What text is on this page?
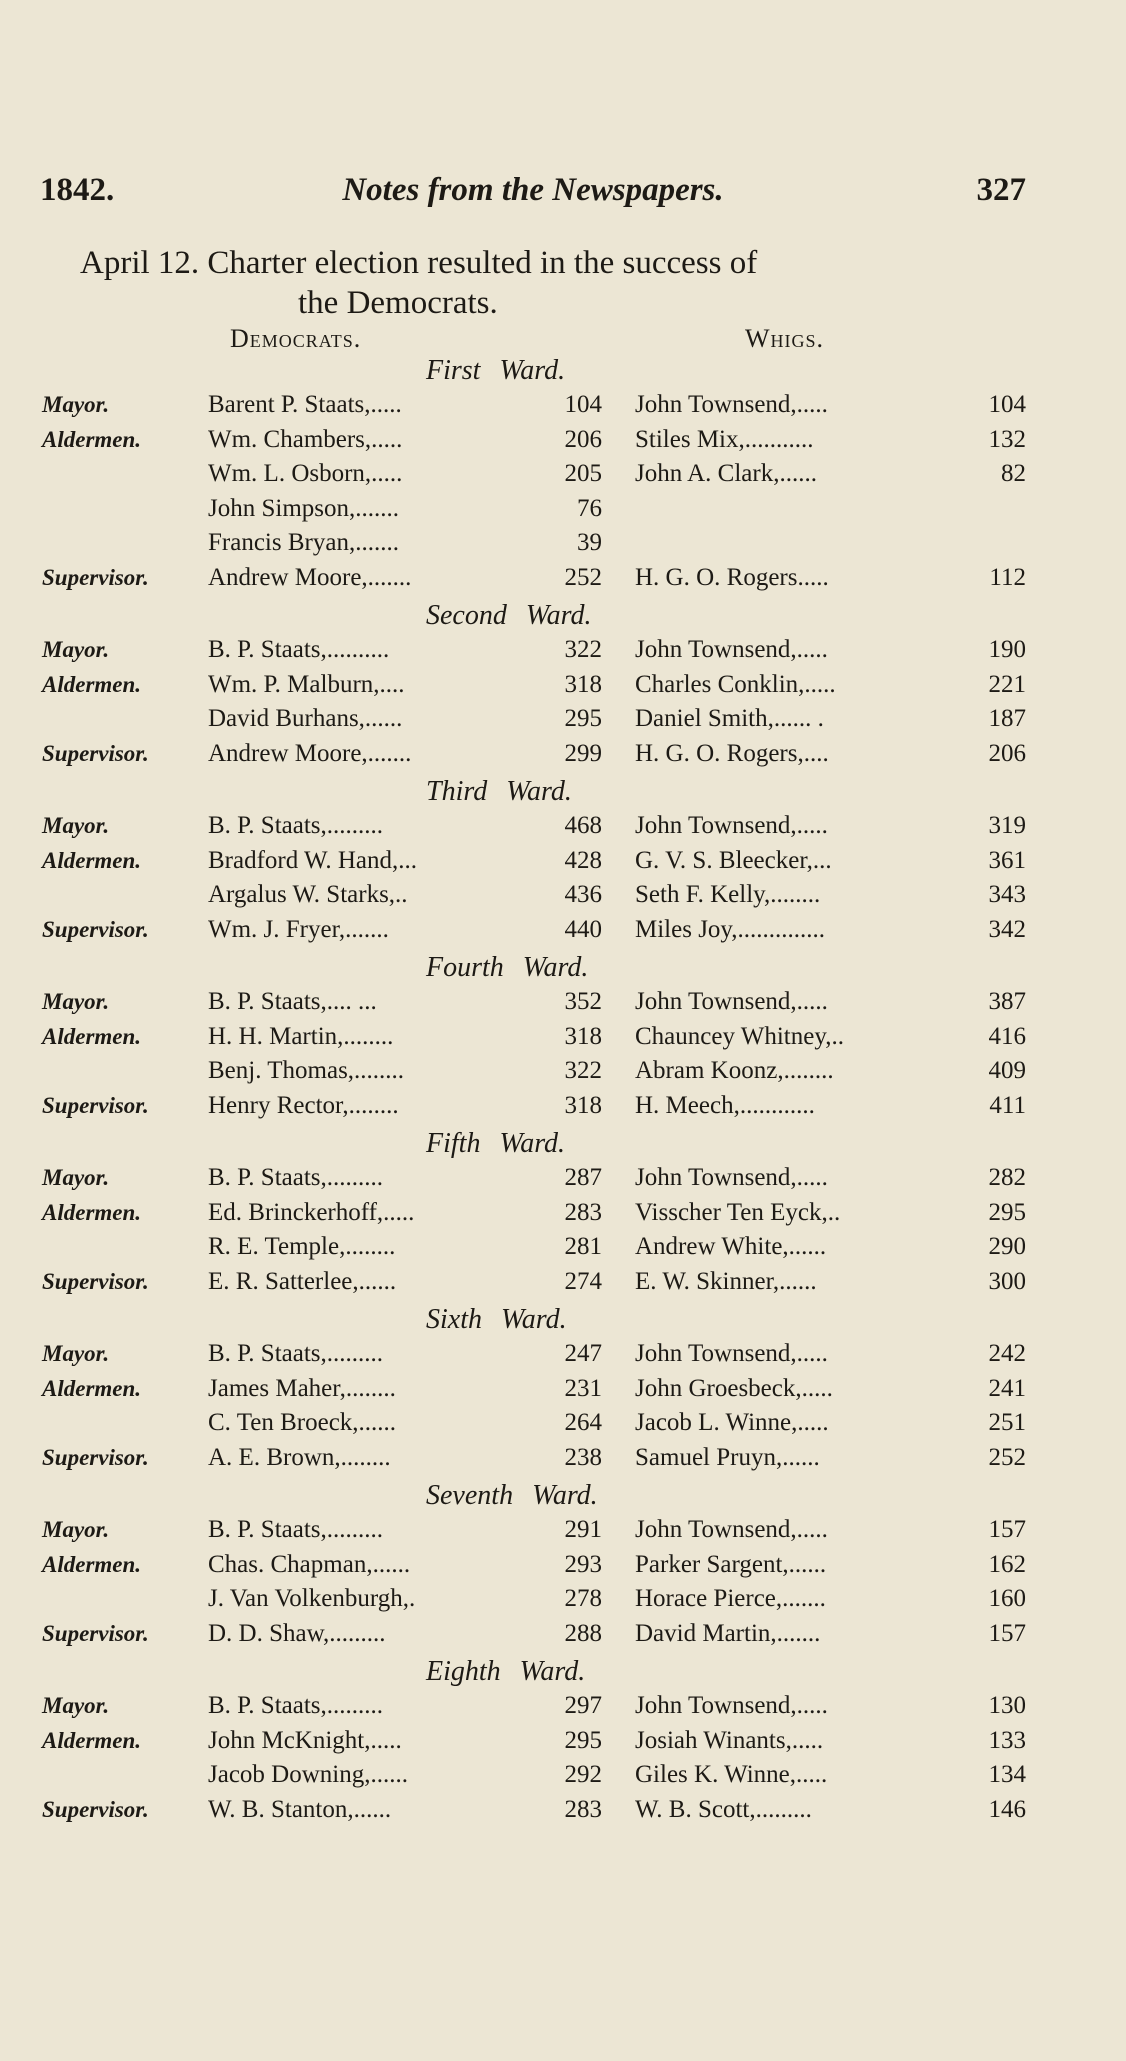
1842.	Notes from the Newspapers.	327
April 12. Charter election resulted in the success of
the Democrats.
Democrats.	Whigs.
First Ward.
Mayor.	Barent P. Staats,.....	104 John Townsend,.....	104
Aldermen.	Wm. Chambers,.....	206 Stiles Mix,...........	132
Wm. L. Osborn,.....	205 John A. Clark,......	82
John Simpson,.......	76
Francis Bryan,.......	39
Supervisor. Andrew Moore,.......	252 H. G. O. Rogers.....	112
Second Ward.
Mayor.	B. P. Staats,..........	322 John Townsend,.....	190
Aldermen.	Wm. P. Malburn,....	318 Charles Conklin,.....	221
David Burhans,......	295 Daniel Smith,...... .	187
Supervisor. Andrew Moore,.......	299 H. G. O. Rogers,....	206
Third Ward.
Mayor.	B. P. Staats,.........	468 John Townsend,.....	319
Aldermen.	Bradford W. Hand,...	428 G. V. S. Bleecker,...	361
Argalus W. Starks,..	436 Seth F. Kelly,........	343
Supervisor. Wm. J. Fryer,.......	440 Miles Joy,..............	342
Fourth Ward.
Mayor.	B. P. Staats,.... ...	352 John Townsend,.....	387
Aldermen.	H. H. Martin,........	318 Chauncey Whitney,..	416
Benj. Thomas,........	322 Abram Koonz,........	409
Supervisor. Henry Rector,........	318 H. Meech,............	411
Fifth Ward.
Mayor.	B. P. Staats,.........	287 John Townsend,.....	282
Aldermen.	Ed. Brinckerhoff,.....	283 Visscher Ten Eyck,..	295
R. E. Temple,........	281 Andrew White,......	290
Supervisor. E. R. Satterlee,......	274 E. W. Skinner,......	300
Sixth Ward.
Mayor.	B. P. Staats,.........	247 John Townsend,.....	242
Aldermen.	James Maher,........	231 John Groesbeck,.....	241
C. Ten Broeck,......	264 Jacob L. Winne,.....	251
Supervisor. A. E. Brown,........	238 Samuel Pruyn,......	252
Seventh Ward.
Mayor.	B. P. Staats,.........	291 John Townsend,.....	157
Aldermen.	Chas. Chapman,......	293 Parker Sargent,......	162
J. Van Volkenburgh,.	278 Horace Pierce,.......	160
Supervisor. D. D. Shaw,.........	288 David Martin,.......	157
Eighth Ward.
Mayor.	B. P. Staats,.........	297 John Townsend,.....	130
Aldermen.	John McKnight,.....	295 Josiah Winants,.....	133
Jacob Downing,......	292 Giles K. Winne,.....	134
Supervisor. W. B. Stanton,......	283 W. B. Scott,.........	146
